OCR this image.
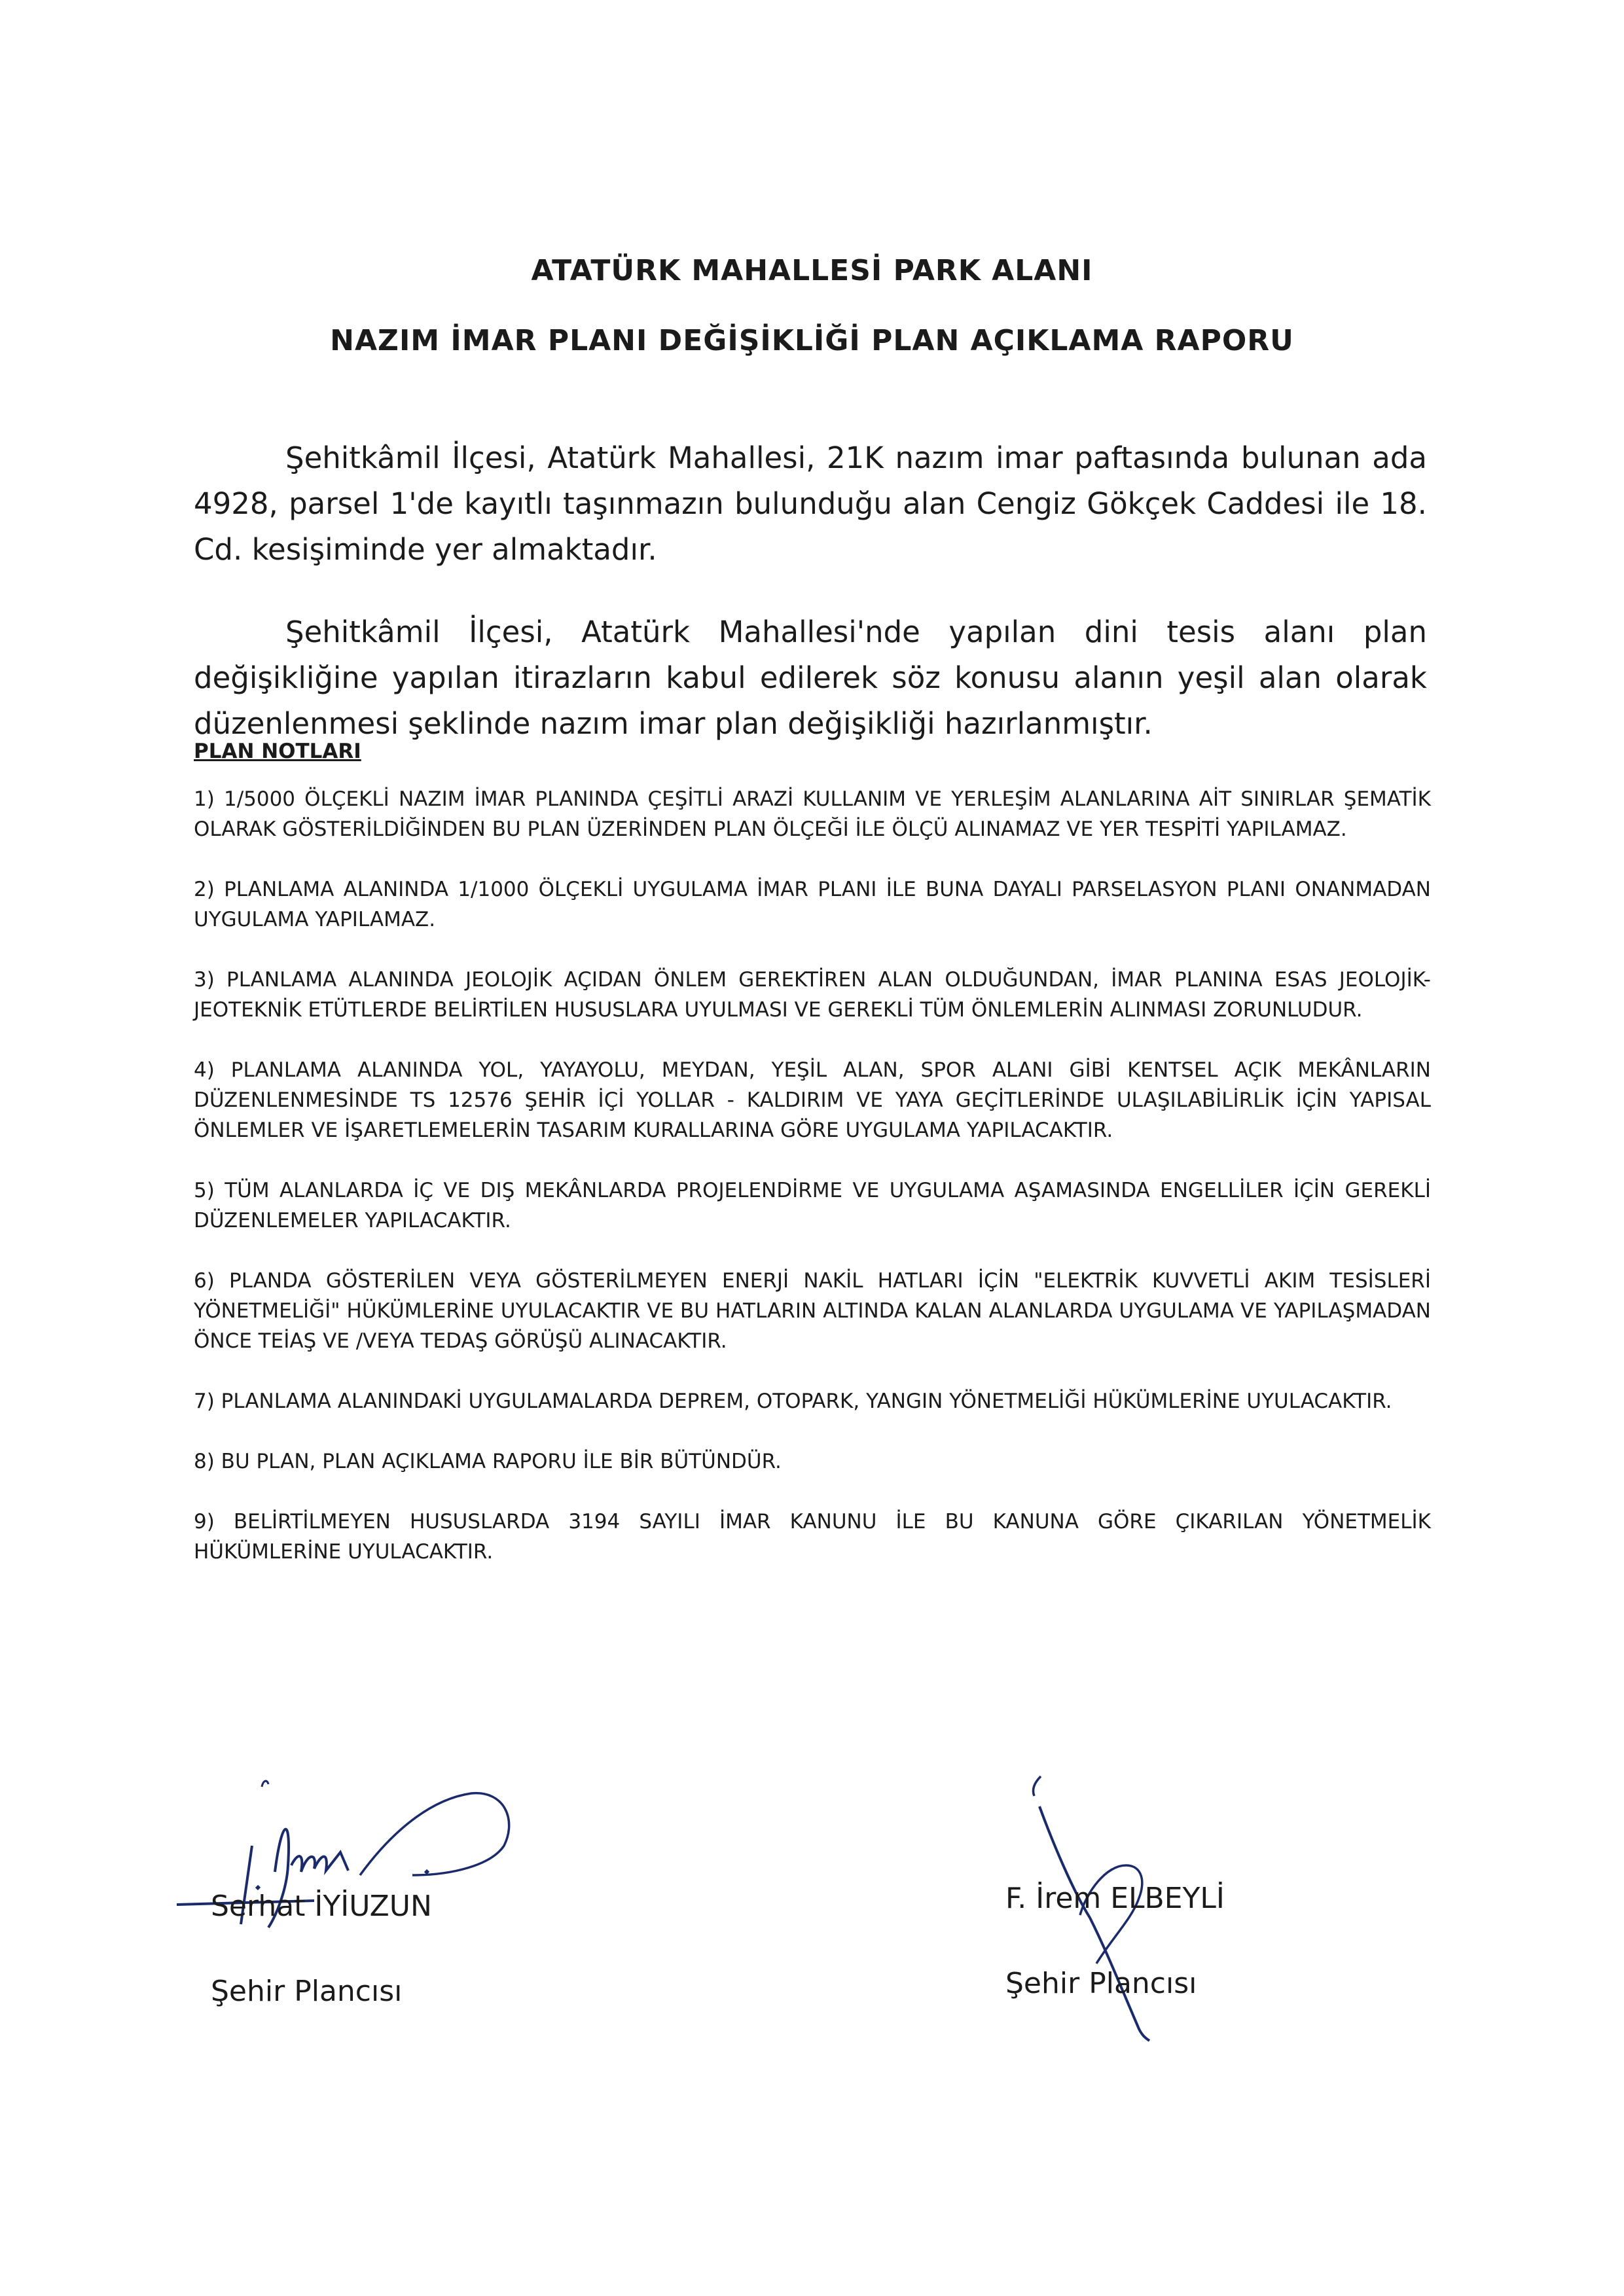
ATATÜRK MAHALLESİ PARK ALANI
NAZIM İMAR PLANI DEĞİŞİKLİĞİ PLAN AÇIKLAMA RAPORU

Şehitkâmil İlçesi, Atatürk Mahallesi, 21K nazım imar paftasında bulunan ada 4928, parsel 1'de kayıtlı taşınmazın bulunduğu alan Cengiz Gökçek Caddesi ile 18. Cd. kesişiminde yer almaktadır.

Şehitkâmil İlçesi, Atatürk Mahallesi'nde yapılan dini tesis alanı plan değişikliğine yapılan itirazların kabul edilerek söz konusu alanın yeşil alan olarak düzenlenmesi şeklinde nazım imar plan değişikliği hazırlanmıştır.

PLAN NOTLARI
1) 1/5000 ÖLÇEKLİ NAZIM İMAR PLANINDA ÇEŞİTLİ ARAZİ KULLANIM VE YERLEŞİM ALANLARINA AİT SINIRLAR ŞEMATİK OLARAK GÖSTERİLDİĞİNDEN BU PLAN ÜZERİNDEN PLAN ÖLÇEĞİ İLE ÖLÇÜ ALINAMAZ VE YER TESPİTİ YAPILAMAZ.
2) PLANLAMA ALANINDA 1/1000 ÖLÇEKLİ UYGULAMA İMAR PLANI İLE BUNA DAYALI PARSELASYON PLANI ONANMADAN UYGULAMA YAPILAMAZ.
3) PLANLAMA ALANINDA JEOLOJİK AÇIDAN ÖNLEM GEREKTİREN ALAN OLDUĞUNDAN, İMAR PLANINA ESAS JEOLOJİK-JEOTEKNİK ETÜTLERDE BELİRTİLEN HUSUSLARA UYULMASI VE GEREKLİ TÜM ÖNLEMLERİN ALINMASI ZORUNLUDUR.
4) PLANLAMA ALANINDA YOL, YAYAYOLU, MEYDAN, YEŞİL ALAN, SPOR ALANI GİBİ KENTSEL AÇIK MEKÂNLARIN DÜZENLENMESİNDE TS 12576 ŞEHİR İÇİ YOLLAR - KALDIRIM VE YAYA GEÇİTLERİNDE ULAŞILABİLİRLİK İÇİN YAPISAL ÖNLEMLER VE İŞARETLEMELERİN TASARIM KURALLARINA GÖRE UYGULAMA YAPILACAKTIR.
5) TÜM ALANLARDA İÇ VE DIŞ MEKÂNLARDA PROJELENDİRME VE UYGULAMA AŞAMASINDA ENGELLİLER İÇİN GEREKLİ DÜZENLEMELER YAPILACAKTIR.
6) PLANDA GÖSTERİLEN VEYA GÖSTERİLMEYEN ENERJİ NAKİL HATLARI İÇİN "ELEKTRİK KUVVETLİ AKIM TESİSLERİ YÖNETMELİĞİ" HÜKÜMLERİNE UYULACAKTIR VE BU HATLARIN ALTINDA KALAN ALANLARDA UYGULAMA VE YAPILAŞMADAN ÖNCE TEİAŞ VE /VEYA TEDAŞ GÖRÜŞÜ ALINACAKTIR.
7) PLANLAMA ALANINDAKİ UYGULAMALARDA DEPREM, OTOPARK, YANGIN YÖNETMELİĞİ HÜKÜMLERİNE UYULACAKTIR.
8) BU PLAN, PLAN AÇIKLAMA RAPORU İLE BİR BÜTÜNDÜR.
9) BELİRTİLMEYEN HUSUSLARDA 3194 SAYILI İMAR KANUNU İLE BU KANUNA GÖRE ÇIKARILAN YÖNETMELİK HÜKÜMLERİNE UYULACAKTIR.
Serhat İYİUZUN
Şehir Plancısı
F. İrem ELBEYLİ
Şehir Plancısı
